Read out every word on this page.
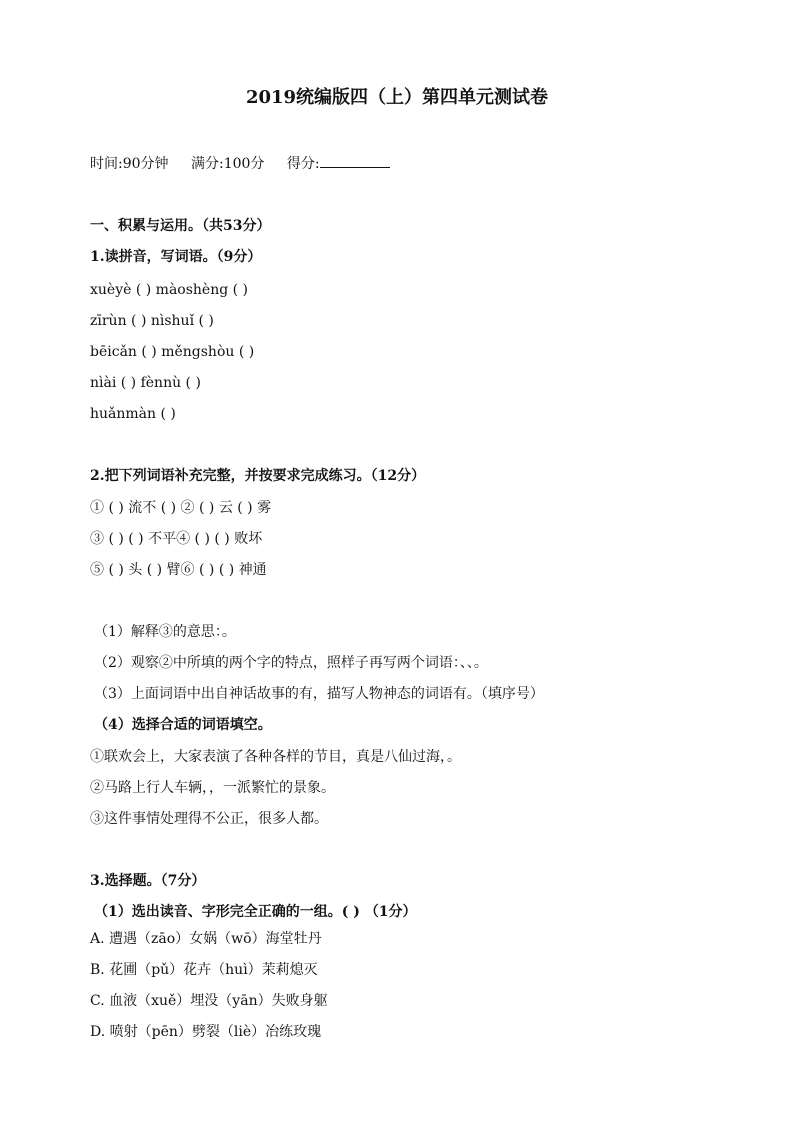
2019统编版四（上）第四单元测试卷
时间:90分钟 满分:100分 得分:
一、积累与运用。（共53分）
1.读拼音，写词语。（9分）
xuèyè ( ) màoshèng ( )
zīrùn ( ) nìshuǐ ( )
bēicǎn ( ) měngshòu ( )
nìài ( ) fènnù ( )
huǎnmàn ( )
2.把下列词语补充完整，并按要求完成练习。（12分）
① ( ) 流不 ( ) ② ( ) 云 ( ) 雾
③ ( ) ( ) 不平④ ( ) ( ) 败坏
⑤ ( ) 头 ( ) 臂⑥ ( ) ( ) 神通
（1）解释③的意思：。
（2）观察②中所填的两个字的特点，照样子再写两个词语：、、。
（3）上面词语中出自神话故事的有，描写人物神态的词语有。（填序号）
（4）选择合适的词语填空。
①联欢会上，大家表演了各种各样的节目，真是八仙过海，。
②马路上行人车辆，，一派繁忙的景象。
③这件事情处理得不公正，很多人都。
3.选择题。（7分）
（1）选出读音、字形完全正确的一组。( ) （1分）
A. 遭遇（zāo）女娲（wō）海堂牡丹
B. 花圃（pǔ）花卉（huì）茉莉熄灭
C. 血液（xuě）埋没（yān）失败身躯
D. 喷射（pēn）劈裂（liè）冶练玫瑰
